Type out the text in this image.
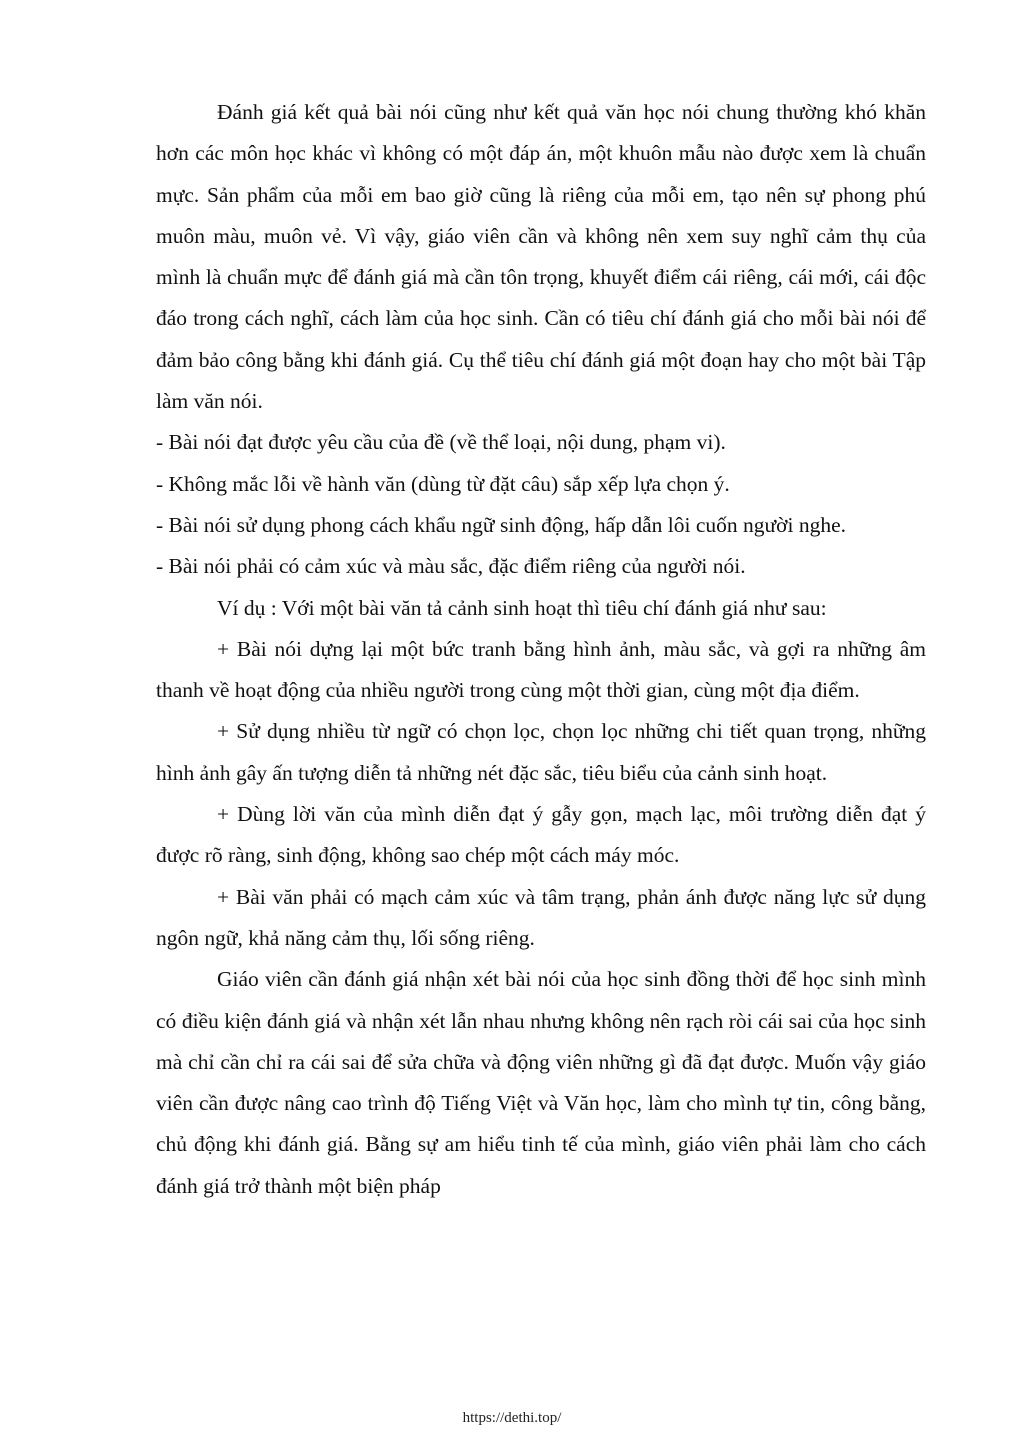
Đánh giá kết quả bài nói cũng như kết quả văn học nói chung thường khó khăn hơn các môn học khác vì không có một đáp án, một khuôn mẫu nào được xem là chuẩn mực. Sản phẩm của mỗi em bao giờ cũng là riêng của mỗi em, tạo nên sự phong phú muôn màu, muôn vẻ. Vì vậy, giáo viên cần và không nên xem suy nghĩ cảm thụ của mình là chuẩn mực để đánh giá mà cần tôn trọng, khuyết điểm cái riêng, cái mới, cái độc đáo trong cách nghĩ, cách làm của học sinh. Cần có tiêu chí đánh giá cho mỗi bài nói để đảm bảo công bằng khi đánh giá. Cụ thể tiêu chí đánh giá một đoạn hay cho một bài Tập làm văn nói.

- Bài nói đạt được yêu cầu của đề (về thể loại, nội dung, phạm vi).

- Không mắc lỗi về hành văn (dùng từ đặt câu) sắp xếp lựa chọn ý.

- Bài nói sử dụng phong cách khẩu ngữ sinh động, hấp dẫn lôi cuốn người nghe.

- Bài nói phải có cảm xúc và màu sắc, đặc điểm riêng của người nói.

Ví dụ : Với một bài văn tả cảnh sinh hoạt thì tiêu chí đánh giá như sau:

+ Bài nói dựng lại một bức tranh bằng hình ảnh, màu sắc, và gợi ra những âm thanh về hoạt động của nhiều người trong cùng một thời gian, cùng một địa điểm.

+ Sử dụng nhiều từ ngữ có chọn lọc, chọn lọc những chi tiết quan trọng, những hình ảnh gây ấn tượng diễn tả những nét đặc sắc, tiêu biểu của cảnh sinh hoạt.

+ Dùng lời văn của mình diễn đạt ý gẫy gọn, mạch lạc, môi trường diễn đạt ý được rõ ràng, sinh động, không sao chép một cách máy móc.

+ Bài văn phải có mạch cảm xúc và tâm trạng, phản ánh được năng lực sử dụng ngôn ngữ, khả năng cảm thụ, lối sống riêng.

Giáo viên cần đánh giá nhận xét bài nói của học sinh đồng thời để học sinh mình có điều kiện đánh giá và nhận xét lẫn nhau nhưng không nên rạch ròi cái sai của học sinh mà chỉ cần chỉ ra cái sai để sửa chữa và động viên những gì đã đạt được. Muốn vậy giáo viên cần được nâng cao trình độ Tiếng Việt và Văn học, làm cho mình tự tin, công bằng, chủ động khi đánh giá. Bằng sự am hiểu tinh tế của mình, giáo viên phải làm cho cách đánh giá trở thành một biện pháp

https://dethi.top/
